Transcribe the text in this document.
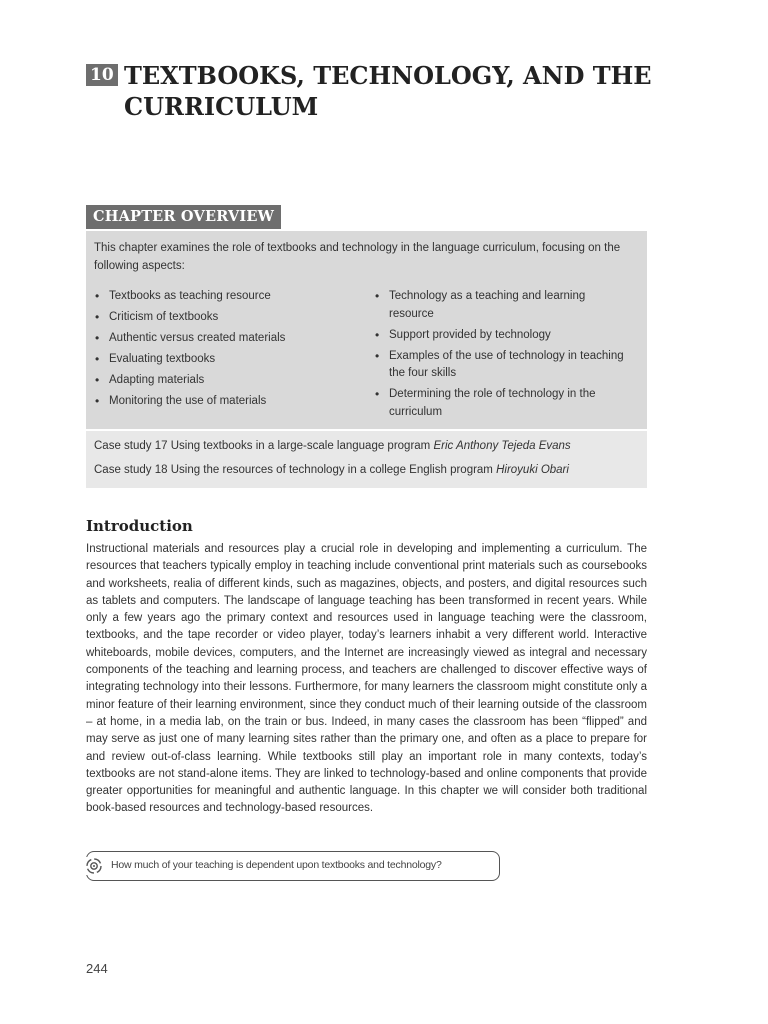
10 TEXTBOOKS, TECHNOLOGY, AND THE CURRICULUM
CHAPTER OVERVIEW

This chapter examines the role of textbooks and technology in the language curriculum, focusing on the following aspects:

• Textbooks as teaching resource
• Criticism of textbooks
• Authentic versus created materials
• Evaluating textbooks
• Adapting materials
• Monitoring the use of materials
• Technology as a teaching and learning resource
• Support provided by technology
• Examples of the use of technology in teaching the four skills
• Determining the role of technology in the curriculum
Case study 17 Using textbooks in a large-scale language program Eric Anthony Tejeda Evans
Case study 18 Using the resources of technology in a college English program Hiroyuki Obari
Introduction

Instructional materials and resources play a crucial role in developing and implementing a curriculum. The resources that teachers typically employ in teaching include conventional print materials such as coursebooks and worksheets, realia of different kinds, such as magazines, objects, and posters, and digital resources such as tablets and computers. The landscape of language teaching has been transformed in recent years. While only a few years ago the primary context and resources used in language teaching were the classroom, textbooks, and the tape recorder or video player, today’s learners inhabit a very different world. Interactive whiteboards, mobile devices, computers, and the Internet are increasingly viewed as integral and necessary components of the teaching and learning process, and teachers are challenged to discover effective ways of integrating technology into their lessons. Furthermore, for many learners the classroom might constitute only a minor feature of their learning environment, since they conduct much of their learning outside of the classroom – at home, in a media lab, on the train or bus. Indeed, in many cases the classroom has been “flipped” and may serve as just one of many learning sites rather than the primary one, and often as a place to prepare for and review out-of-class learning. While textbooks still play an important role in many contexts, today’s textbooks are not stand-alone items. They are linked to technology-based and online components that provide greater opportunities for meaningful and authentic language. In this chapter we will consider both traditional book-based resources and technology-based resources.

How much of your teaching is dependent upon textbooks and technology?
244
